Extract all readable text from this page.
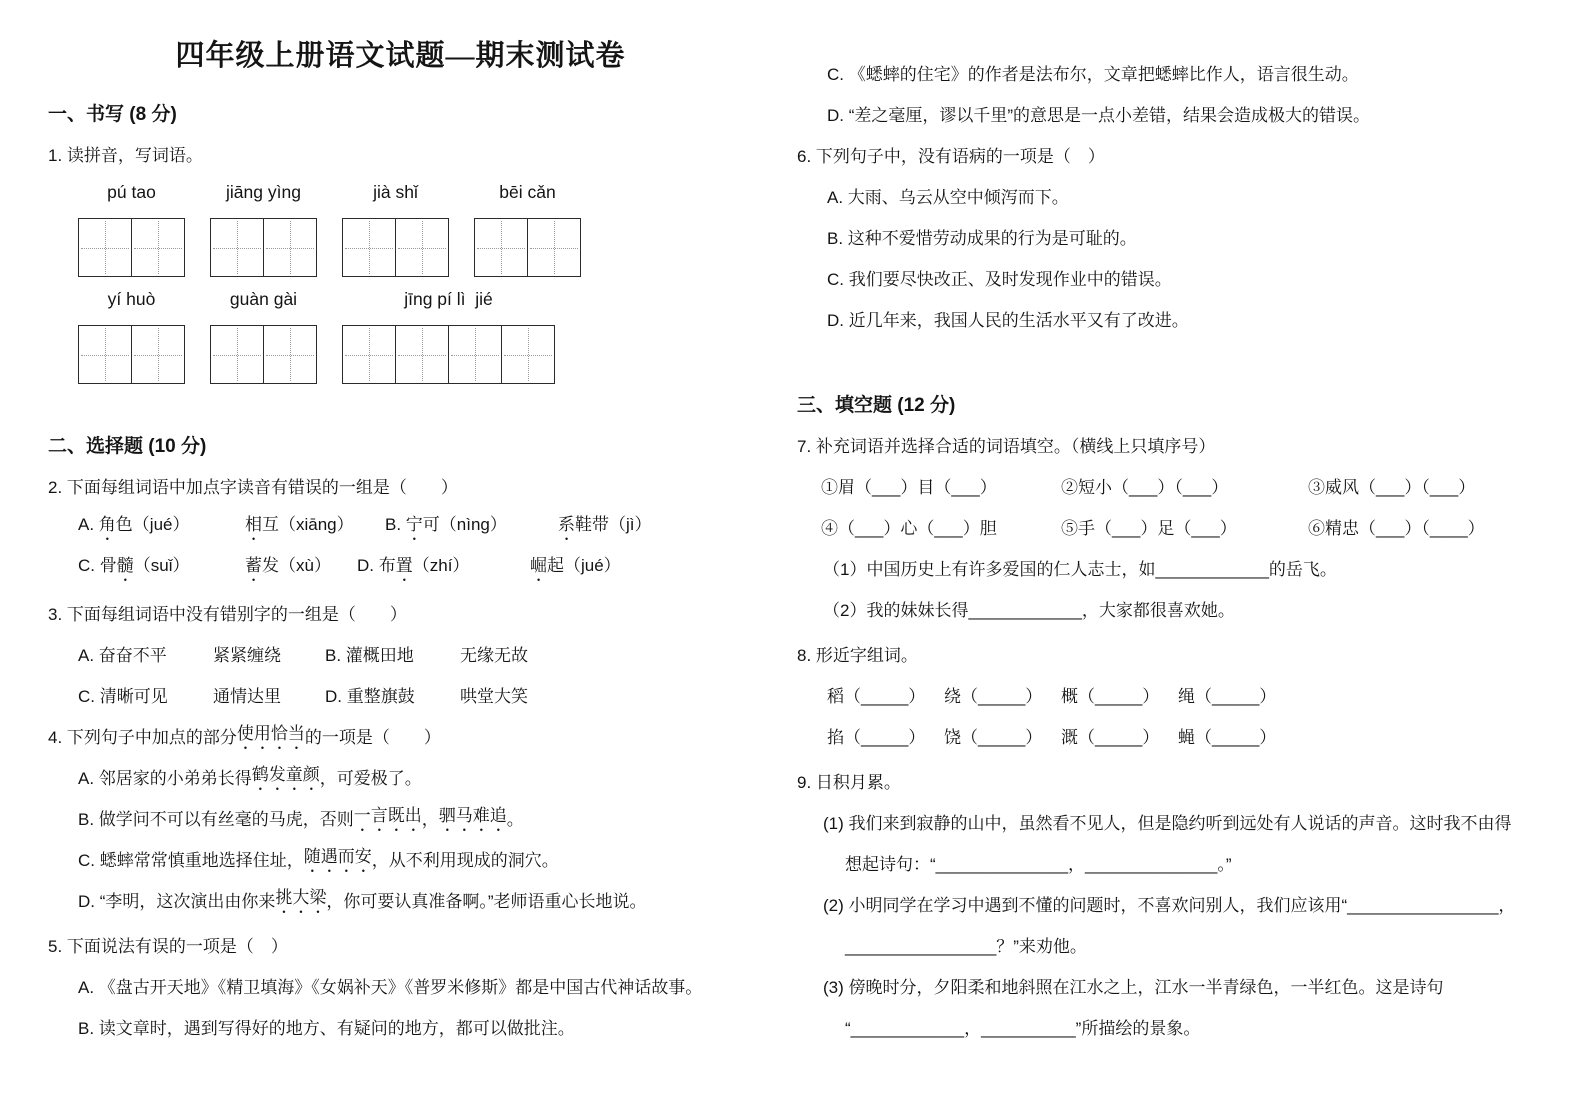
四年级上册语文试题—期末测试卷
一、书写 (8 分)
1. 读拼音，写词语。
pú tao	jiāng yìng	jià shǐ	bēi cǎn
yí huò	guàn gài	jīng pí lì  jié
二、选择题 (10 分)
2. 下面每组词语中加点字读音有错误的一组是（　　）
A. 角色（jué）	相互（xiāng）	B. 宁可（nìng）	系鞋带（jì）
C. 骨髓（suǐ）	蓄发（xù）	D. 布置（zhí）	崛起（jué）
3. 下面每组词语中没有错别字的一组是（　　）
A. 奋奋不平	紧紧缠绕	B. 灌概田地	无缘无故
C. 清晰可见	通情达里	D. 重整旗鼓	哄堂大笑
4. 下列句子中加点的部分 使用恰当 的一项是（　　）
A. 邻居家的小弟弟长得 鹤发童颜 ，可爱极了。
B. 做学问不可以有丝毫的马虎，否则 一言既出 ， 驷马难追 。
C. 蟋蟀常常慎重地选择住址， 随遇而安 ，从不利用现成的洞穴。
D. “李明，这次演出由你来 挑大梁 ，你可要认真准备啊。”老师语重心长地说。
5. 下面说法有误的一项是（　）
A. 《盘古开天地》《精卫填海》《女娲补天》《普罗米修斯》都是中国古代神话故事。
B. 读文章时，遇到写得好的地方、有疑问的地方，都可以做批注。
C. 《蟋蟀的住宅》的作者是法布尔，文章把蟋蟀比作人，语言很生动。
D. “差之毫厘，谬以千里”的意思是一点小差错，结果会造成极大的错误。
6. 下列句子中，没有语病的一项是（　）
A. 大雨、乌云从空中倾泻而下。
B. 这种不爱惜劳动成果的行为是可耻的。
C. 我们要尽快改正、及时发现作业中的错误。
D. 近几年来，我国人民的生活水平又有了改进。
三、填空题 (12 分)
7. 补充词语并选择合适的词语填空。（横线上只填序号）
①眉（___）目（___）	②短小（___）（___）	③威风（___）（___）
④（___）心（___）胆	⑤手（___）足（___）	⑥精忠（___）（____）
（1）中国历史上有许多爱国的仁人志士，如____________的岳飞。
（2）我的妹妹长得____________，大家都很喜欢她。
8. 形近字组词。
稻（_____）	绕（_____）	概（_____）	绳（_____）
掐（_____）	饶（_____）	溉（_____）	蝇（_____）
9. 日积月累。
(1) 我们来到寂静的山中，虽然看不见人，但是隐约听到远处有人说话的声音。这时我不由得
想起诗句：“______________，______________。”
(2) 小明同学在学习中遇到不懂的问题时，不喜欢问别人，我们应该用“________________，
________________？”来劝他。
(3) 傍晚时分，夕阳柔和地斜照在江水之上，江水一半青绿色，一半红色。这是诗句
“____________，__________”所描绘的景象。
